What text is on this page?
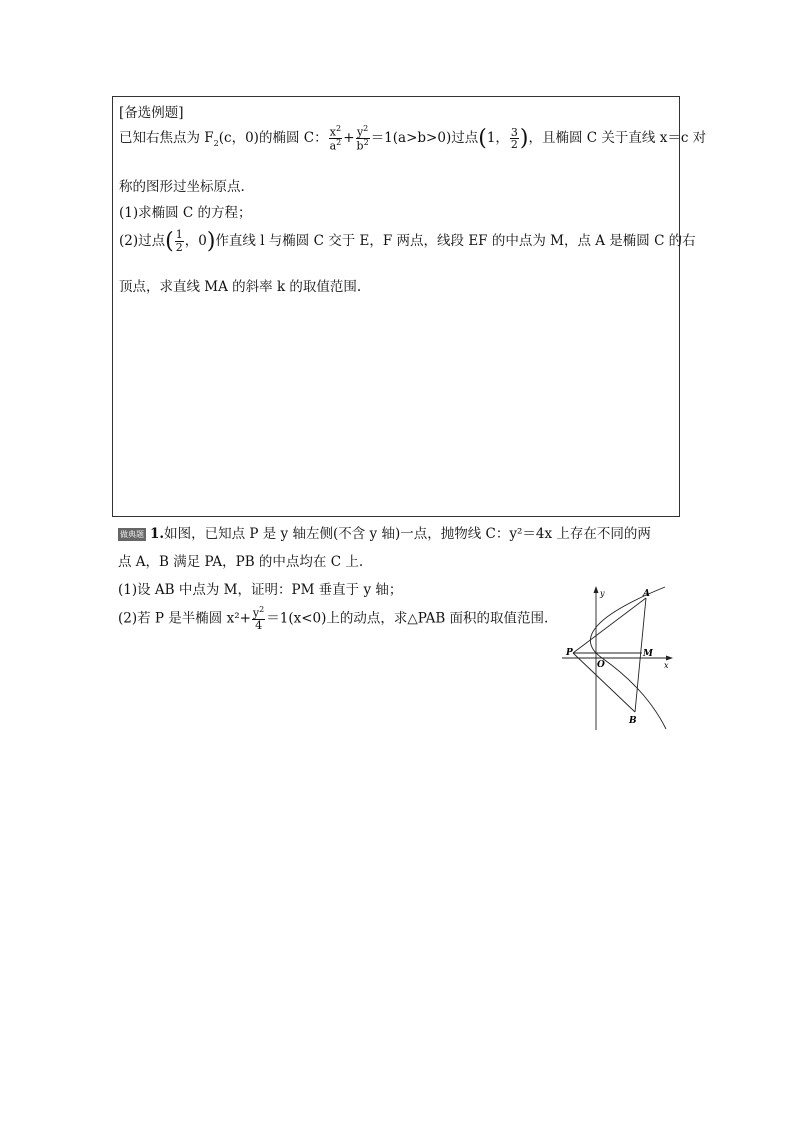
[备选例题]
已知右焦点为 $F_2(c$，0)的椭圆 C： $\frac{x^2}{a^2} + \frac{y^2}{b^2} =1(a>b>0)$过点(1， $\frac{3}{2}$ )，且椭圆 C 关于直线 x＝c 对
称的图形过坐标原点.
(1)求椭圆 C 的方程；
(2)过点( $\frac{1}{2}$ ，0)作直线 l 与椭圆 C 交于 E，F 两点，线段 EF 的中点为 M，点 A 是椭圆 C 的右
顶点，求直线 MA 的斜率 k 的取值范围.
做典题 1.如图，已知点 P 是 y 轴左侧(不含 y 轴)一点，抛物线 C：y²＝4x 上存在不同的两
点 A，B 满足 PA，PB 的中点均在 C 上.
(1)设 AB 中点为 M，证明：PM 垂直于 y 轴；
(2)若 P 是半椭圆 $x^2+ \frac{y^2}{4} =1(x<0)$上的动点，求△PAB 面积的取值范围.
y
x
P
O
M
A
B
